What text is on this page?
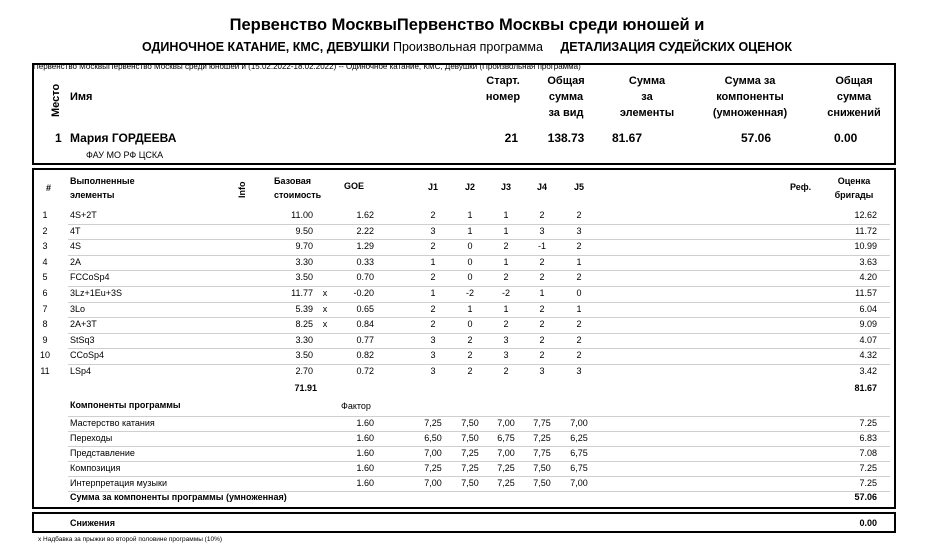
Первенство МосквыПервенство Москвы среди юношей и
ОДИНОЧНОЕ КАТАНИЕ, КМС, ДЕВУШКИ Произвольная программа ДЕТАЛИЗАЦИЯ СУДЕЙСКИХ ОЦЕНОК
Первенство МосквыПервенство Москвы среди юношей и (15.02.2022-18.02.2022) -- Одиночное катание, КМС, Девушки (Произвольная программа)
Место Имя
Старт.
номер
Общая
сумма
за вид
Сумма
за
элементы
Сумма за
компоненты
(умноженная)
Общая
сумма
снижений
1 Мария ГОРДЕЕВА
ФАУ МО РФ ЦСКА
21	138.73	81.67	57.06	0.00
#
Выполненные
элементы	Info
Базовая
стоимость
GOE	J1	J2	J3	J4	J5	Реф.
Оценка
бригады
1	4S+2T	11.00	1.62	2	1	1	2	2	12.62
2	4T	9.50	2.22	3	1	1	3	3	11.72
3	4S	9.70	1.29	2	0	2	-1	2	10.99
4	2A	3.30	0.33	1	0	1	2	1	3.63
5	FCCoSp4	3.50	0.70	2	0	2	2	2	4.20
6	3Lz+1Eu+3S	11.77	x	-0.20	1	-2	-2	1	0	11.57
7	3Lo	5.39	x	0.65	2	1	1	2	1	6.04
8	2A+3T	8.25	x	0.84	2	0	2	2	2	9.09
9	StSq3	3.30	0.77	3	2	3	2	2	4.07
10	CCoSp4	3.50	0.82	3	2	3	2	2	4.32
11	LSp4	2.70	0.72	3	2	2	3	3	3.42
71.91	81.67
Компоненты программы	Фактор
Мастерство катания	1.60	7,25	7,50	7,00	7,75	7,00	7.25
Переходы	1.60	6,50	7,50	6,75	7,25	6,25	6.83
Представление	1.60	7,00	7,25	7,00	7,75	6,75	7.08
Композиция	1.60	7,25	7,25	7,25	7,50	6,75	7.25
Интерпретация музыки	1.60	7,00	7,50	7,25	7,50	7,00	7.25
Сумма за компоненты программы (умноженная)	57.06
Снижения	0.00
x Надбавка за прыжки во второй половине программы (10%)
